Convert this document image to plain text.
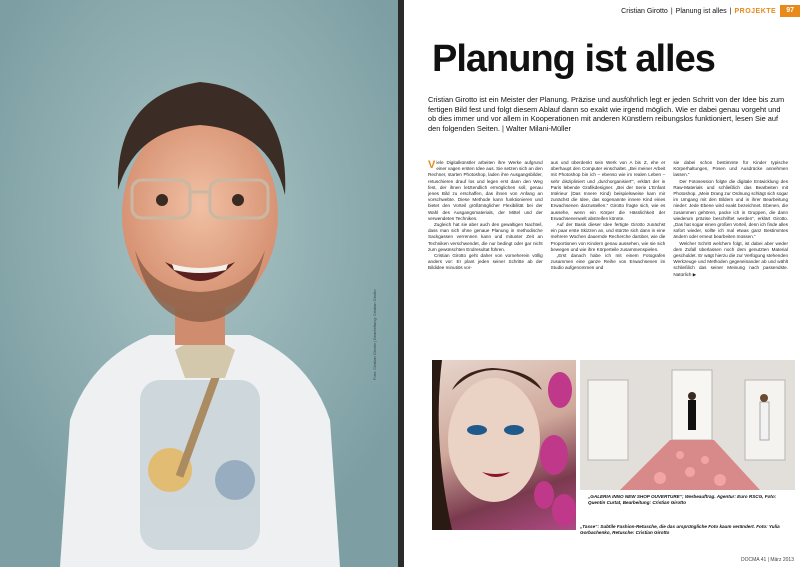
Foto: Cristian Girotto | Bearbeitung: Cristian Girotto
Cristian Girotto | Planung ist alles | PROJEKTE	97
Planung ist alles
Cristian Girotto ist ein Meister der Planung. Präzise und ausführlich legt er jeden Schritt von der Idee bis zum fertigen Bild fest und folgt diesem Ablauf dann so exakt wie irgend möglich. Wie er dabei genau vorgeht und ob dies immer und vor allem in Kooperationen mit anderen Künstlern reibungslos funktioniert, lesen Sie auf den folgenden Seiten. | Walter Milani-Müller

Viele Digitalkünstler arbeiten ihre Werke aufgrund einer vagen ersten Idee aus. Sie setzen sich an den Rechner, starten Photoshop, laden ihre Ausgangsbilder, retuschieren drauf los und legen erst dann den Weg fest, der ihnen letztendlich ermöglichen soll, genau jenes Bild zu erschaffen, das ihnen von Anfang an vorschwebte. Diese Methode kann funktionieren und bietet den Vorteil größtmöglicher Flexibilität bei der Wahl des Ausgangsmaterials, der Mittel und der verwendeten Techniken.

Zugleich hat sie aber auch den gewaltigen Nachteil, dass man sich ohne genaue Planung in methodische Sackgassen verrennen kann und mitunter Zeit an Techniken verschwendet, die nur bedingt oder gar nicht zum gewünschten Endresultat führen.

Cristian Girotto geht daher von vorneherein völlig anders vor: Er plant jeden seiner Schritte ab der Bildidee minutiös vor-

aus und überdenkt sein Werk von A bis Z, ehe er überhaupt den Computer einschaltet. „Bei meiner Arbeit mit Photoshop bin ich – ebenso wie im realen Leben – sehr diszipliniert und ‚durchorganisiert'“, erklärt der in Paris lebende Grafikdesigner. „Bei der Serie L'Enfant Intérieur (Das Innere Kind) beispielsweise kam mir zunächst die Idee, das sogenannte innere Kind eines Erwachsenen darzustellen.“ Girotto fragte sich, wie es aussehe, wenn ein Körper die Hässlichkeit der Erwachsenenwelt abstreifen könnte.

Auf der Basis dieser Idee fertigte Girotto zunächst ein paar erste Skizzen an, und stürzte sich dann in eine mehrere Wochen dauernde Recherche darüber, wie die Proportionen von Kindern genau aussehen, wie sie sich bewegen und wie ihre Körperteile zusammenspielen.

„Erst danach habe ich mit einem Fotografen zusammen eine ganze Reihe von Erwachsenen im Studio aufgenommen und

sie dabei schon bestimmte für Kinder typische Körperhaltungen, Posen und Ausdrücke annehmen lassen.“

Der Fotosession folgte die digitale Entwicklung des Raw-Materials und schließlich das Bearbeiten mit Photoshop. „Mein Drang zur Ordnung schlägt sich sogar im Umgang mit den Bildern und in ihrer Bearbeitung nieder: Jede Ebene wird exakt bezeichnet. Ebenen, die zusammen gehören, packe ich in Gruppen, die dann wiederum präzise beschriftet werden“, erklärt Girotto. „Das hat sogar einen großen Vorteil, denn ich finde alles sofort wieder, sollte ich mal etwas ganz Bestimmtes ändern oder erneut bearbeiten müssen.“

Welcher Schritt welchem folgt, ist dabei aber weder dem Zufall überlassen noch dem genutzten Material geschuldet. Er wägt hierzu die zur Verfügung stehenden Werkzeuge und Methoden gegeneinander ab und wählt schließlich das seiner Meinung nach passendste. Natürlich ▶

„GALERIA INNO NEW SHOP OUVERTURE“; Werbeauftrag. Agentur: Euro RSCG, Foto: Quentin Curtat, Bearbeitung: Cristian Girotto
„Tasse“: Subtile Fashion-Retusche, die das ursprüngliche Foto kaum verändert. Foto: Yulia Gorbachenko, Retusche: Cristian Girotto
DOCMA 41 | März 2013
